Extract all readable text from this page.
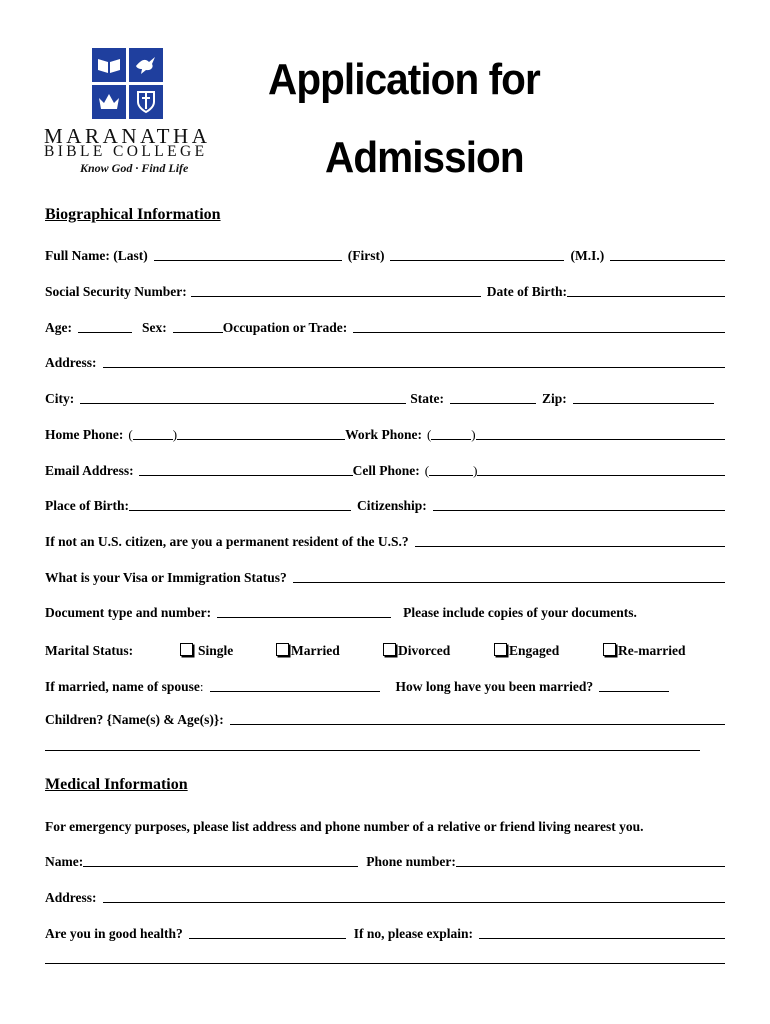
MARANATHA
BIBLE COLLEGE
Know God · Find Life
Application for
Admission
Biographical Information
Full Name: (Last)	(First)	(M.I.)
Social Security Number:	Date of Birth:
Age:	Sex:	Occupation or Trade:
Address:
City:	State:	Zip:
Home Phone: (	)	Work Phone: (	)
Email Address:	Cell Phone: (	)
Place of Birth:	Citizenship:
If not an U.S. citizen, are you a permanent resident of the U.S.?
What is your Visa or Immigration Status?
Document type and number:	Please include copies of your documents.
Marital Status:	Single	Married	Divorced	Engaged	Re-married
If married, name of spouse :	How long have you been married?
Children? {Name(s) & Age(s)}:
Medical Information
For emergency purposes, please list address and phone number of a relative or friend living nearest you.
Name:	Phone number:
Address:
Are you in good health?	If no, please explain:
